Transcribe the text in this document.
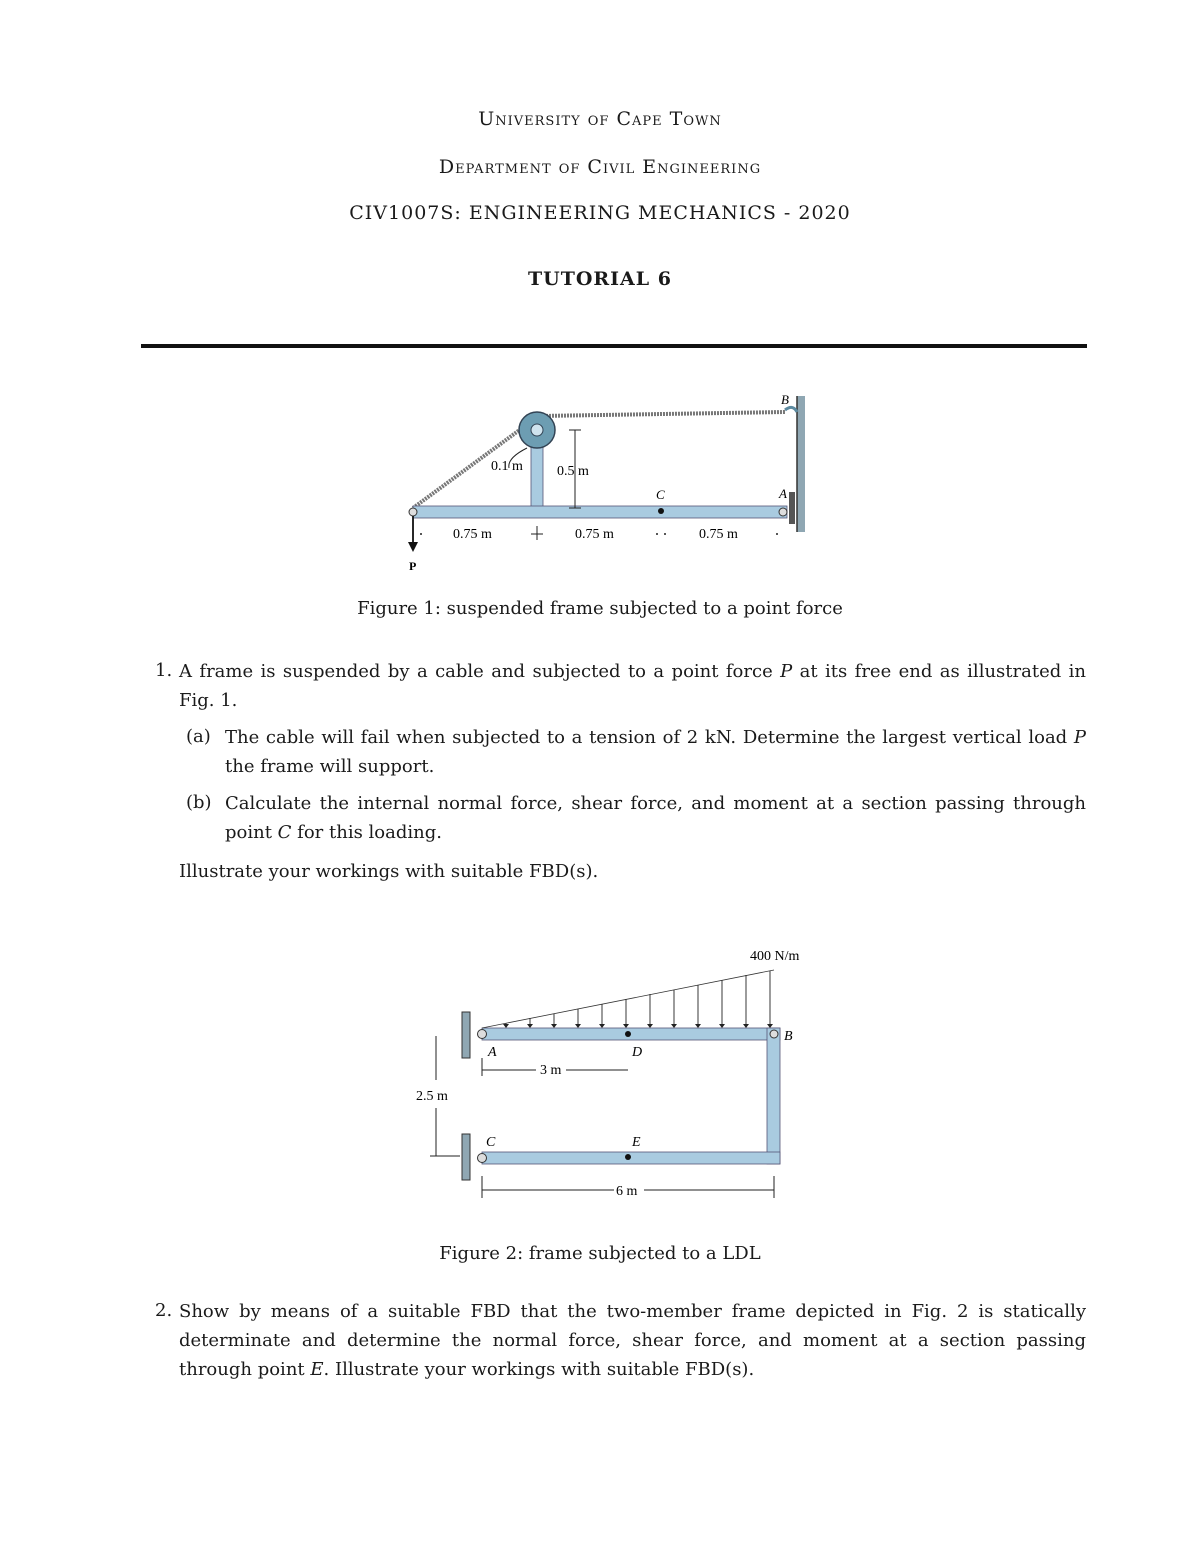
University of Cape Town
Department of Civil Engineering
CIV1007S: ENGINEERING MECHANICS - 2020
TUTORIAL 6
B
A
C
P
0.1 m 0.5 m
0.75 m	0.75 m	0.75 m
Figure 1: suspended frame subjected to a point force
1. A frame is suspended by a cable and subjected to a point force P at its free end as illustrated in Fig. 1.
(a) The cable will fail when subjected to a tension of 2 kN. Determine the largest vertical load P the frame will support.
(b) Calculate the internal normal force, shear force, and moment at a section passing through point C for this loading.
Illustrate your workings with suitable FBD(s).
400 N/m
A
B
C
D
E
3 m
2.5 m
6 m
Figure 2: frame subjected to a LDL
2. Show by means of a suitable FBD that the two-member frame depicted in Fig. 2 is statically determinate and determine the normal force, shear force, and moment at a section passing through point E. Illustrate your workings with suitable FBD(s).
